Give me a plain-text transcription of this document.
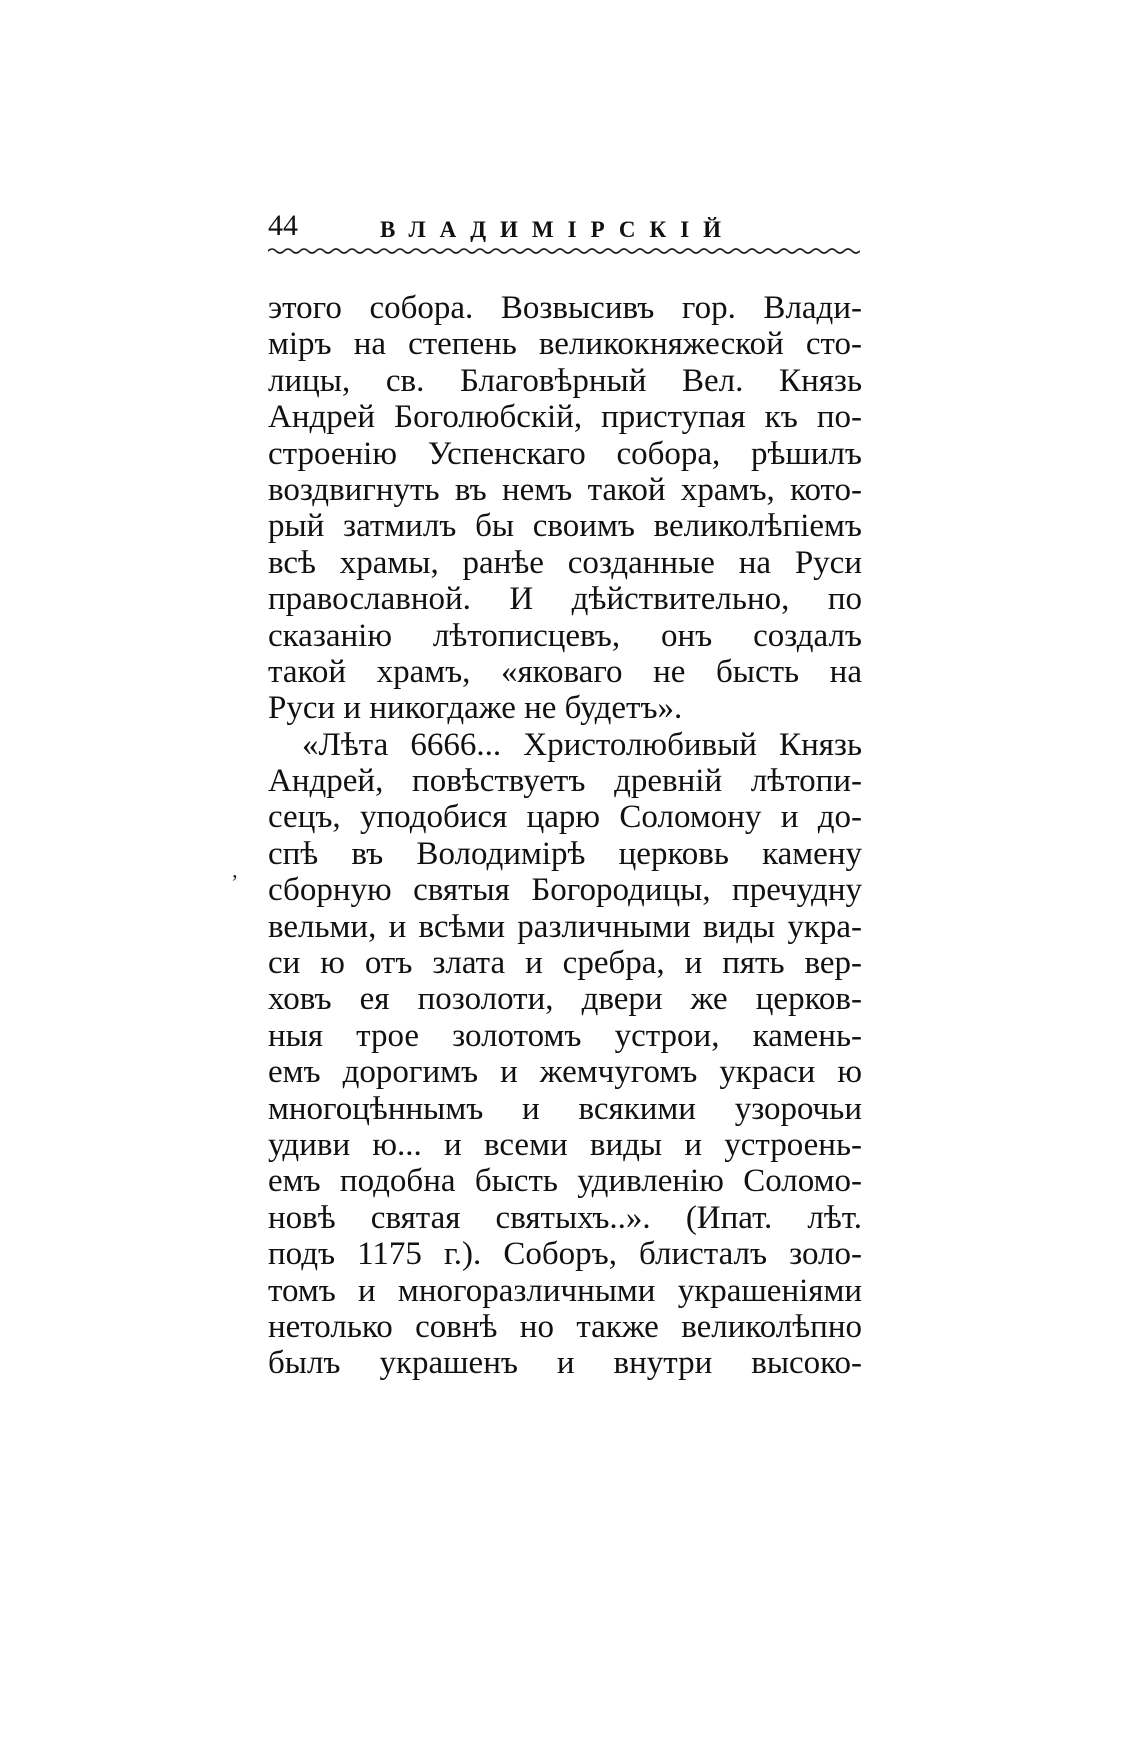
44	ВЛАДИМІРСКІЙ
ʼ
этого собора. Возвысивъ гор. Влади-
міръ на степень великокняжеской сто-
лицы, св. Благовѣрный Вел. Князь
Андрей Боголюбскій, приступая къ по-
строенію Успенскаго собора, рѣшилъ
воздвигнуть въ немъ такой храмъ, кото-
рый затмилъ бы своимъ великолѣпіемъ
всѣ храмы, ранѣе созданные на Руси
православной. И дѣйствительно, по
сказанію лѣтописцевъ, онъ создалъ
такой храмъ, «яковаго не бысть на
Руси и никогдаже не будетъ».
«Лѣта 6666... Христолюбивый Князь
Андрей, повѣствуетъ древній лѣтопи-
сецъ, уподобися царю Соломону и до-
спѣ въ Володимірѣ церковь камену
сборную святыя Богородицы, пречудну
вельми, и всѣми различными виды укра-
си ю отъ злата и сребра, и пять вер-
ховъ ея позолоти, двери же церков-
ныя трое золотомъ устрои, камень-
емъ дорогимъ и жемчугомъ украси ю
многоцѣннымъ и всякими узорочьи
удиви ю... и всеми виды и устроень-
емъ подобна бысть удивленію Соломо-
новѣ святая святыхъ..». (Ипат. лѣт.
подъ 1175 г.). Соборъ, блисталъ золо-
томъ и многоразличными украшеніями
нетолько совнѣ но также великолѣпно
былъ украшенъ и внутри высоко-
